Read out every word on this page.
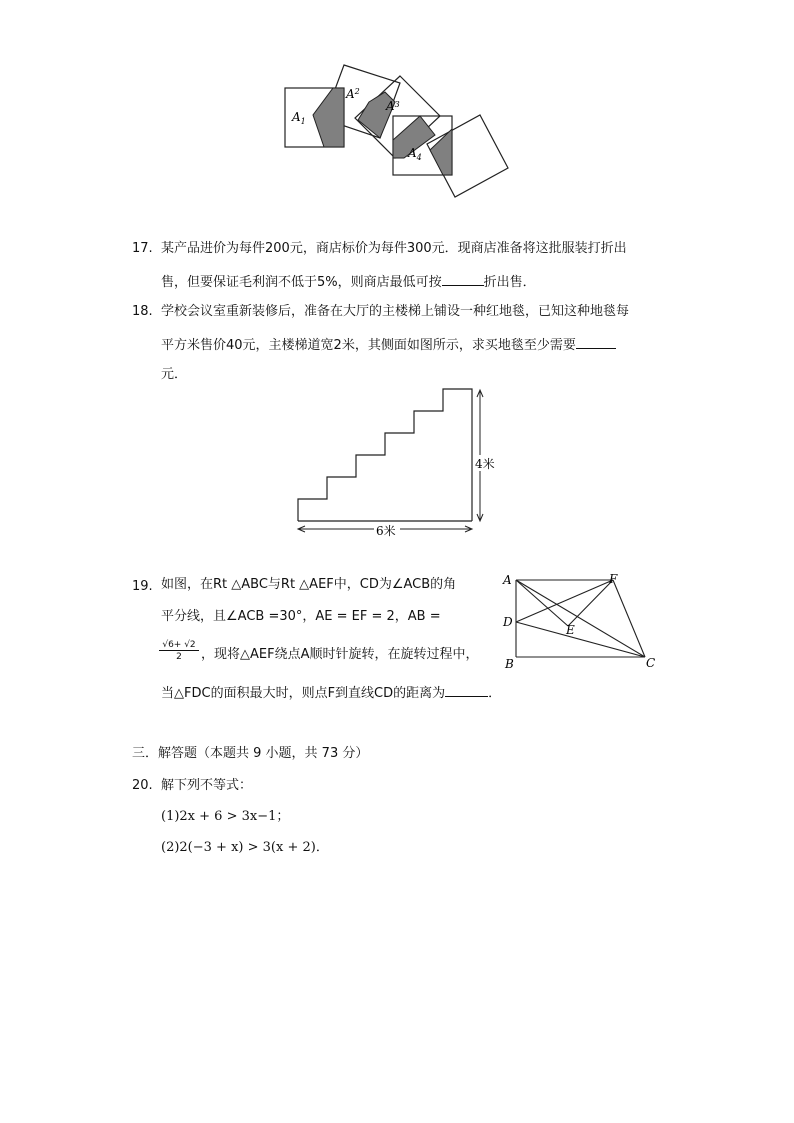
$A_1$
$A^2$
$A^3$
$A_4$
17. 某产品进价为每件200元，商店标价为每件300元．现商店准备将这批服装打折出
售，但要保证毛利润不低于5%，则商店最低可按	折出售．
18. 学校会议室重新装修后，准备在大厅的主楼梯上铺设一种红地毯，已知这种地毯每
平方米售价40元，主楼梯道宽2米，其侧面如图所示，求买地毯至少需要
元．
4米
6米
19. 如图，在Rt △ABC与Rt △AEF中，CD为∠ACB的角
平分线，且∠ACB =30°，AE = EF = 2，AB =
√6+ √2
2	，现将△AEF绕点A顺时针旋转，在旋转过程中，
当△FDC的面积最大时，则点F到直线CD的距离为	．
A	F
D
E
B	C
三．解答题（本题共 9 小题，共 73 分）
20. 解下列不等式：
(1)2x + 6 > 3x−1；
(2)2(−3 + x) > 3(x + 2)．
